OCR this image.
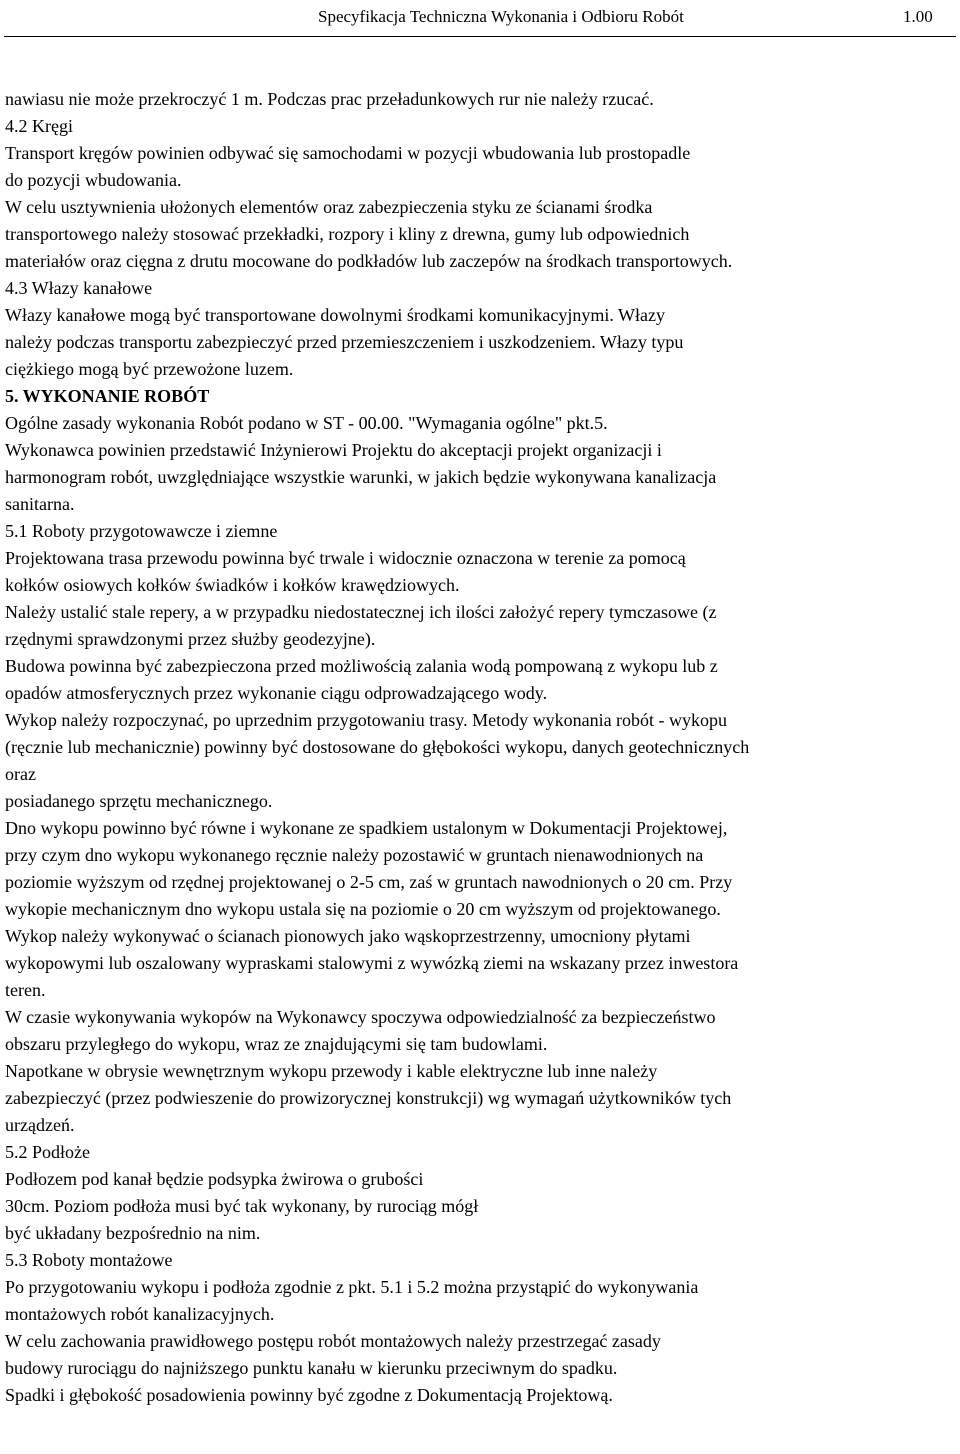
Specyfikacja Techniczna Wykonania i Odbioru Robót	1.00
nawiasu nie może przekroczyć 1 m. Podczas prac przeładunkowych rur nie należy rzucać.
4.2 Kręgi
Transport kręgów powinien odbywać się samochodami w pozycji wbudowania lub prostopadle
do pozycji wbudowania.
W celu usztywnienia ułożonych elementów oraz zabezpieczenia styku ze ścianami środka
transportowego należy stosować przekładki, rozpory i kliny z drewna, gumy lub odpowiednich
materiałów oraz cięgna z drutu mocowane do podkładów lub zaczepów na środkach transportowych.
4.3 Włazy kanałowe
Włazy kanałowe mogą być transportowane dowolnymi środkami komunikacyjnymi. Włazy
należy podczas transportu zabezpieczyć przed przemieszczeniem i uszkodzeniem. Włazy typu
ciężkiego mogą być przewożone luzem.
5. WYKONANIE ROBÓT
Ogólne zasady wykonania Robót podano w ST - 00.00. "Wymagania ogólne" pkt.5.
Wykonawca powinien przedstawić Inżynierowi Projektu do akceptacji projekt organizacji i
harmonogram robót, uwzględniające wszystkie warunki, w jakich będzie wykonywana kanalizacja
sanitarna.
5.1 Roboty przygotowawcze i ziemne
Projektowana trasa przewodu powinna być trwale i widocznie oznaczona w terenie za pomocą
kołków osiowych kołków świadków i kołków krawędziowych.
Należy ustalić stale repery, a w przypadku niedostatecznej ich ilości założyć repery tymczasowe (z
rzędnymi sprawdzonymi przez służby geodezyjne).
Budowa powinna być zabezpieczona przed możliwością zalania wodą pompowaną z wykopu lub z
opadów atmosferycznych przez wykonanie ciągu odprowadzającego wody.
Wykop należy rozpoczynać, po uprzednim przygotowaniu trasy. Metody wykonania robót - wykopu
(ręcznie lub mechanicznie) powinny być dostosowane do głębokości wykopu, danych geotechnicznych
oraz
posiadanego sprzętu mechanicznego.
Dno wykopu powinno być równe i wykonane ze spadkiem ustalonym w Dokumentacji Projektowej,
przy czym dno wykopu wykonanego ręcznie należy pozostawić w gruntach nienawodnionych na
poziomie wyższym od rzędnej projektowanej o 2-5 cm, zaś w gruntach nawodnionych o 20 cm. Przy
wykopie mechanicznym dno wykopu ustala się na poziomie o 20 cm wyższym od projektowanego.
Wykop należy wykonywać o ścianach pionowych jako wąskoprzestrzenny, umocniony płytami
wykopowymi lub oszalowany wypraskami stalowymi z wywózką ziemi na wskazany przez inwestora
teren.
W czasie wykonywania wykopów na Wykonawcy spoczywa odpowiedzialność za bezpieczeństwo
obszaru przyległego do wykopu, wraz ze znajdującymi się tam budowlami.
Napotkane w obrysie wewnętrznym wykopu przewody i kable elektryczne lub inne należy
zabezpieczyć (przez podwieszenie do prowizorycznej konstrukcji) wg wymagań użytkowników tych
urządzeń.
5.2 Podłoże
Podłozem pod kanał będzie podsypka żwirowa o grubości
30cm. Poziom podłoża musi być tak wykonany, by rurociąg mógł
być układany bezpośrednio na nim.
5.3 Roboty montażowe
Po przygotowaniu wykopu i podłoża zgodnie z pkt. 5.1 i 5.2 można przystąpić do wykonywania
montażowych robót kanalizacyjnych.
W celu zachowania prawidłowego postępu robót montażowych należy przestrzegać zasady
budowy rurociągu do najniższego punktu kanału w kierunku przeciwnym do spadku.
Spadki i głębokość posadowienia powinny być zgodne z Dokumentacją Projektową.
